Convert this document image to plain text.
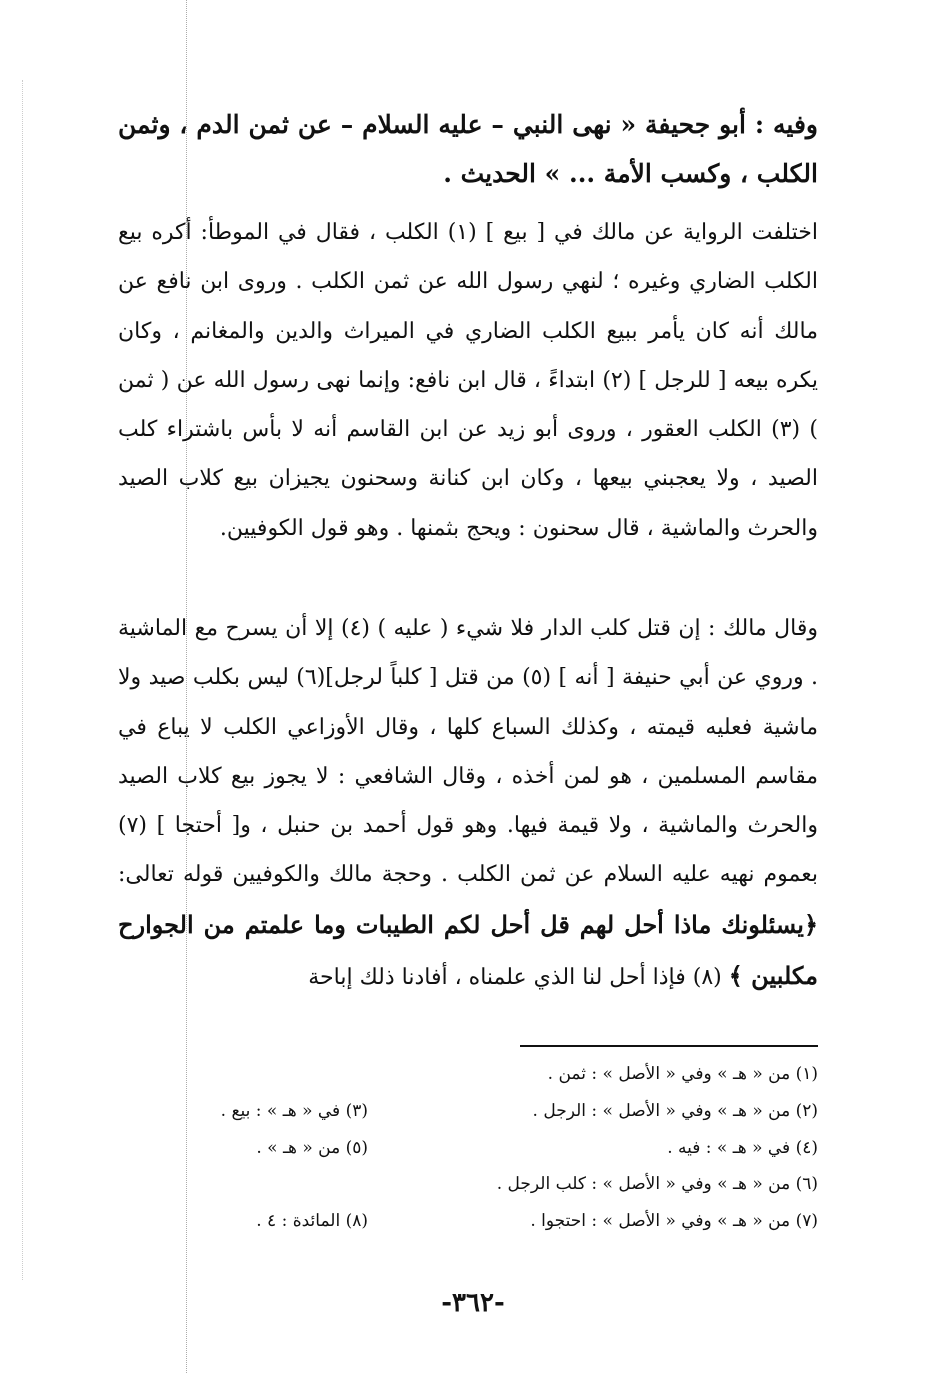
وفيه : أبو جحيفة « نهى النبي – عليه السلام – عن ثمن الدم ، وثمن الكلب ، وكسب الأمة ... » الحديث .
اختلفت الرواية عن مالك في [ بيع ] (١) الكلب ، فقال في الموطأ: أكره بيع الكلب الضاري وغيره ؛ لنهي رسول الله عن ثمن الكلب . وروى ابن نافع عن مالك أنه كان يأمر ببيع الكلب الضاري في الميراث والدين والمغانم ، وكان يكره بيعه [ للرجل ] (٢) ابتداءً ، قال ابن نافع: وإنما نهى رسول الله عن ( ثمن ) (٣) الكلب العقور ، وروى أبو زيد عن ابن القاسم أنه لا بأس باشتراء كلب الصيد ، ولا يعجبني بيعها ، وكان ابن كنانة وسحنون يجيزان بيع كلاب الصيد والحرث والماشية ، قال سحنون : ويحج بثمنها . وهو قول الكوفيين.
وقال مالك : إن قتل كلب الدار فلا شيء ( عليه ) (٤) إلا أن يسرح مع الماشية . وروي عن أبي حنيفة [ أنه ] (٥) من قتل [ كلباً لرجل](٦) ليس بكلب صيد ولا ماشية فعليه قيمته ، وكذلك السباع كلها ، وقال الأوزاعي الكلب لا يباع في مقاسم المسلمين ، هو لمن أخذه ، وقال الشافعي : لا يجوز بيع كلاب الصيد والحرث والماشية ، ولا قيمة فيها. وهو قول أحمد بن حنبل ، و[ أحتجا ] (٧) بعموم نهيه عليه السلام عن ثمن الكلب . وحجة مالك والكوفيين قوله تعالى: ﴿يسئلونك ماذا أحل لهم قل أحل لكم الطيبات وما علمتم من الجوارح مكلبين ﴾ (٨) فإذا أحل لنا الذي علمناه ، أفادنا ذلك إباحة
(١) من « هـ » وفي « الأصل » : ثمن .
(٢) من « هـ » وفي « الأصل » : الرجل .
(٣) في « هـ » : بيع .
(٤) في « هـ » : فيه .
(٥) من « هـ » .
(٦) من « هـ » وفي « الأصل » : كلب الرجل .
(٧) من « هـ » وفي « الأصل » : احتجوا .
(٨) المائدة : ٤ .
-٣٦٢-
